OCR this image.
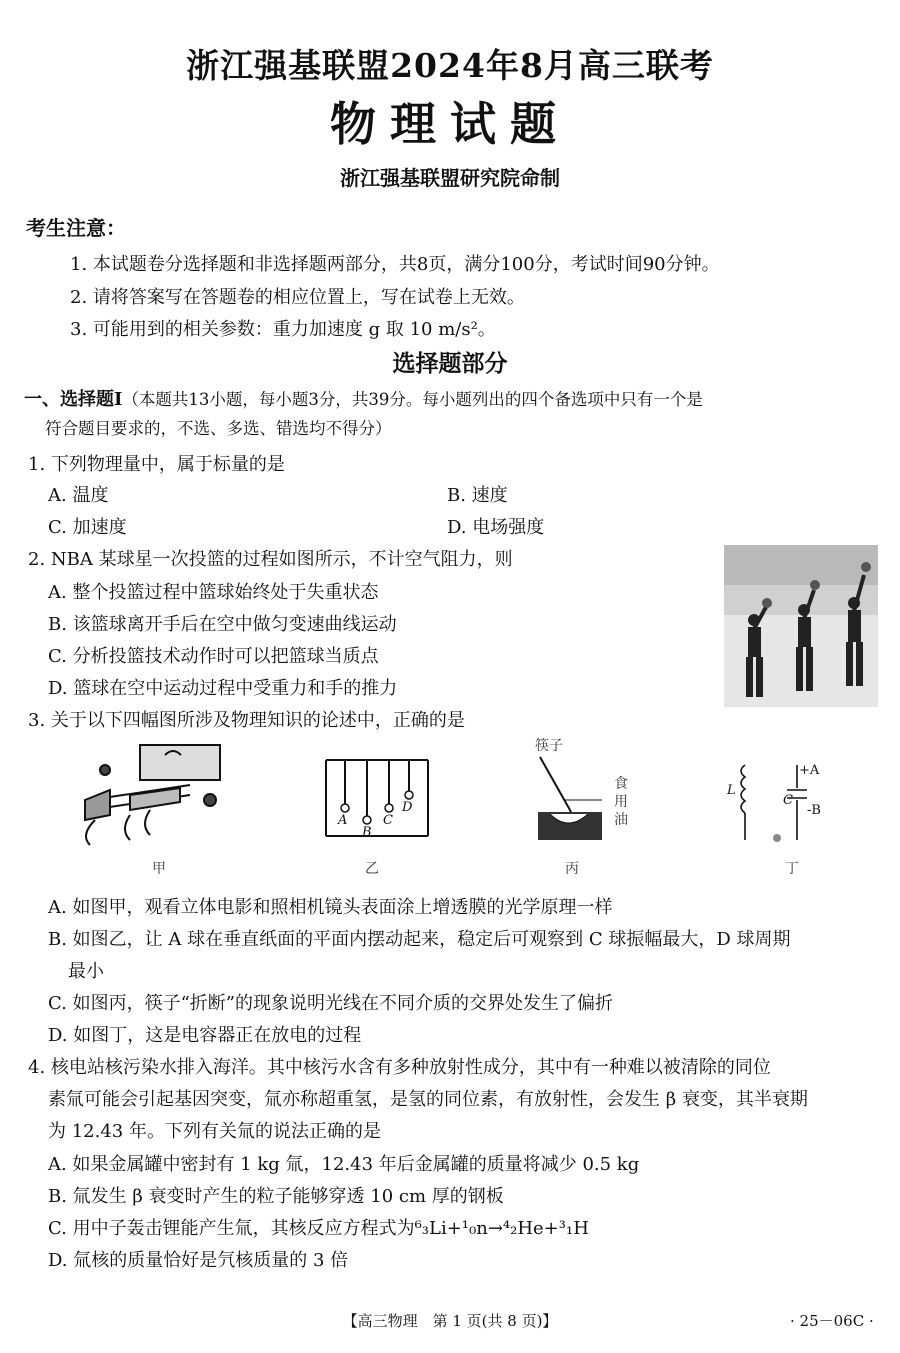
浙江强基联盟2024年8月高三联考
物理试题
浙江强基联盟研究院命制
考生注意：
1. 本试题卷分选择题和非选择题两部分，共8页，满分100分，考试时间90分钟。
2. 请将答案写在答题卷的相应位置上，写在试卷上无效。
3. 可能用到的相关参数：重力加速度 g 取 10 m/s²。
选择题部分
一、选择题Ⅰ（本题共13小题，每小题3分，共39分。每小题列出的四个备选项中只有一个是
符合题目要求的，不选、多选、错选均不得分）
1. 下列物理量中，属于标量的是
A. 温度	B. 速度
C. 加速度	D. 电场强度
2. NBA 某球星一次投篮的过程如图所示，不计空气阻力，则
A. 整个投篮过程中篮球始终处于失重状态
B. 该篮球离开手后在空中做匀变速曲线运动
C. 分析投篮技术动作时可以把篮球当质点
D. 篮球在空中运动过程中受重力和手的推力
3. 关于以下四幅图所涉及物理知识的论述中，正确的是
甲
A
B
C
D
乙
筷子
食
用
油
丙
L
C
+A
-B
丁
A. 如图甲，观看立体电影和照相机镜头表面涂上增透膜的光学原理一样
B. 如图乙，让 A 球在垂直纸面的平面内摆动起来，稳定后可观察到 C 球振幅最大，D 球周期
最小
C. 如图丙，筷子“折断”的现象说明光线在不同介质的交界处发生了偏折
D. 如图丁，这是电容器正在放电的过程
4. 核电站核污染水排入海洋。其中核污水含有多种放射性成分，其中有一种难以被清除的同位
素氚可能会引起基因突变，氚亦称超重氢，是氢的同位素，有放射性，会发生 β 衰变，其半衰期
为 12.43 年。下列有关氚的说法正确的是
A. 如果金属罐中密封有 1 kg 氚，12.43 年后金属罐的质量将减少 0.5 kg
B. 氚发生 β 衰变时产生的粒子能够穿透 10 cm 厚的钢板
C. 用中子轰击锂能产生氚，其核反应方程式为⁶₃Li+¹₀n→⁴₂He+³₁H
D. 氚核的质量恰好是氕核质量的 3 倍
【高三物理　第 1 页(共 8 页)】	· 25－06C ·
